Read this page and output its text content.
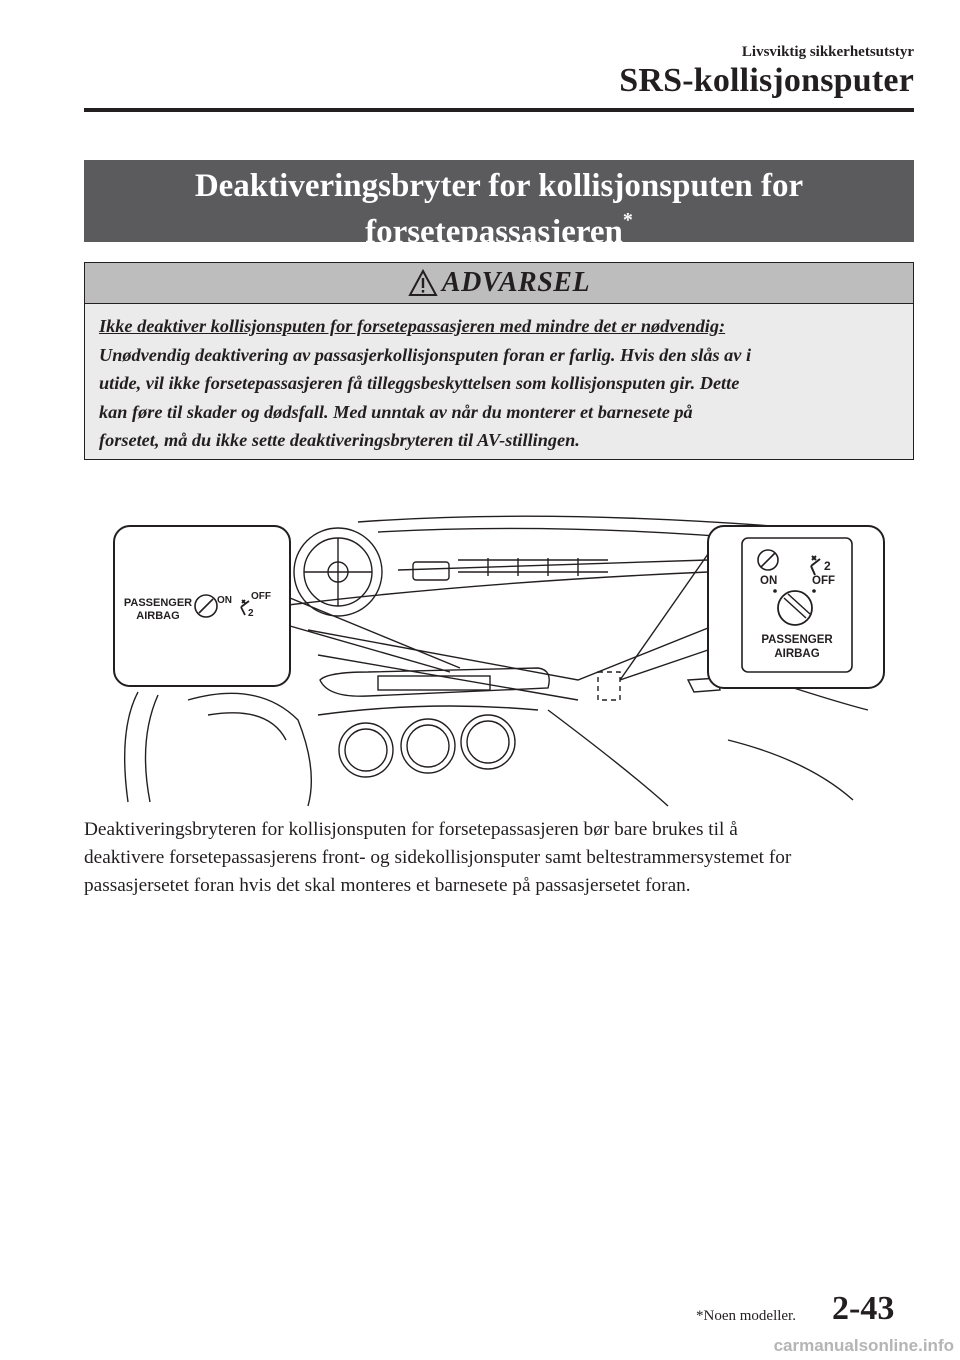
Livsviktig sikkerhetsutstyr
SRS-kollisjonsputer
Deaktiveringsbryter for kollisjonsputen for
forsetepassasjeren*
ADVARSEL
Ikke deaktiver kollisjonsputen for forsetepassasjeren med mindre det er nødvendig:
Unødvendig deaktivering av passasjerkollisjonsputen foran er farlig. Hvis den slås av i
utide, vil ikke forsetepassasjeren få tilleggsbeskyttelsen som kollisjonsputen gir. Dette
kan føre til skader og dødsfall. Med unntak av når du monterer et barnesete på
forsetet, må du ikke sette deaktiveringsbryteren til AV-stillingen.
PASSENGER
AIRBAG
ON OFF
2
2
ON	OFF
PASSENGER
AIRBAG
Deaktiveringsbryteren for kollisjonsputen for forsetepassasjeren bør bare brukes til å
deaktivere forsetepassasjerens front- og sidekollisjonsputer samt beltestrammersystemet for
passasjersetet foran hvis det skal monteres et barnesete på passasjersetet foran.
*Noen modeller. 2-43
carmanualsonline.info
